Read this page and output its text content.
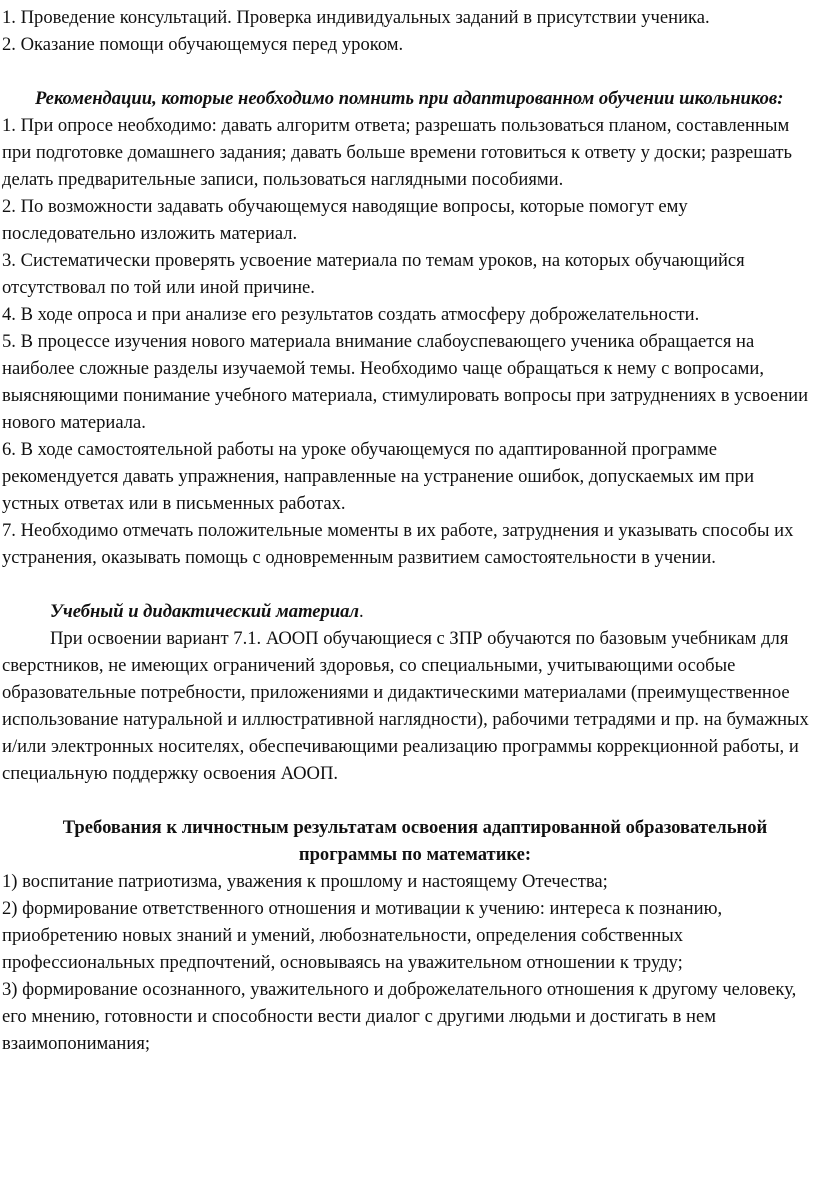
1. Проведение консультаций. Проверка индивидуальных заданий в присутствии ученика.

2. Оказание помощи обучающемуся перед уроком.

Рекомендации, которые необходимо помнить при адаптированном обучении школьников:

1. При опросе необходимо: давать алгоритм ответа; разрешать пользоваться планом, составленным при подготовке домашнего задания; давать больше времени готовиться к ответу у доски; разрешать делать предварительные записи, пользоваться наглядными пособиями.

2. По возможности задавать обучающемуся наводящие вопросы, которые помогут ему последовательно изложить материал.

3. Систематически проверять усвоение материала по темам уроков, на которых обучающийся отсутствовал по той или иной причине.

4. В ходе опроса и при анализе его результатов создать атмосферу доброжелательности.

5. В процессе изучения нового материала внимание слабоуспевающего ученика обращается на наиболее сложные разделы изучаемой темы. Необходимо чаще обращаться к нему с вопросами, выясняющими понимание учебного материала, стимулировать вопросы при затруднениях в усвоении нового материала.

6. В ходе самостоятельной работы на уроке обучающемуся по адаптированной программе рекомендуется давать упражнения, направленные на устранение ошибок, допускаемых им при устных ответах или в письменных работах.

7. Необходимо отмечать положительные моменты в их работе, затруднения и указывать способы их устранения, оказывать помощь с одновременным развитием самостоятельности в учении.

Учебный и дидактический материал.

При освоении вариант 7.1. АООП обучающиеся с ЗПР обучаются по базовым учебникам для сверстников, не имеющих ограничений здоровья, со специальными, учитывающими особые образовательные потребности, приложениями и дидактическими материалами (преимущественное использование натуральной и иллюстративной наглядности), рабочими тетрадями и пр. на бумажных и/или электронных носителях, обеспечивающими реализацию программы коррекционной работы, и специальную поддержку освоения АООП.

Требования к личностным результатам освоения адаптированной образовательной программы по математике:

1) воспитание патриотизма, уважения к прошлому и настоящему Отечества;

2) формирование ответственного отношения и мотивации к учению: интереса к познанию, приобретению новых знаний и умений, любознательности, определения собственных профессиональных предпочтений, основываясь на уважительном отношении к труду;

3) формирование осознанного, уважительного и доброжелательного отношения к другому человеку, его мнению, готовности и способности вести диалог с другими людьми и достигать в нем взаимопонимания;
